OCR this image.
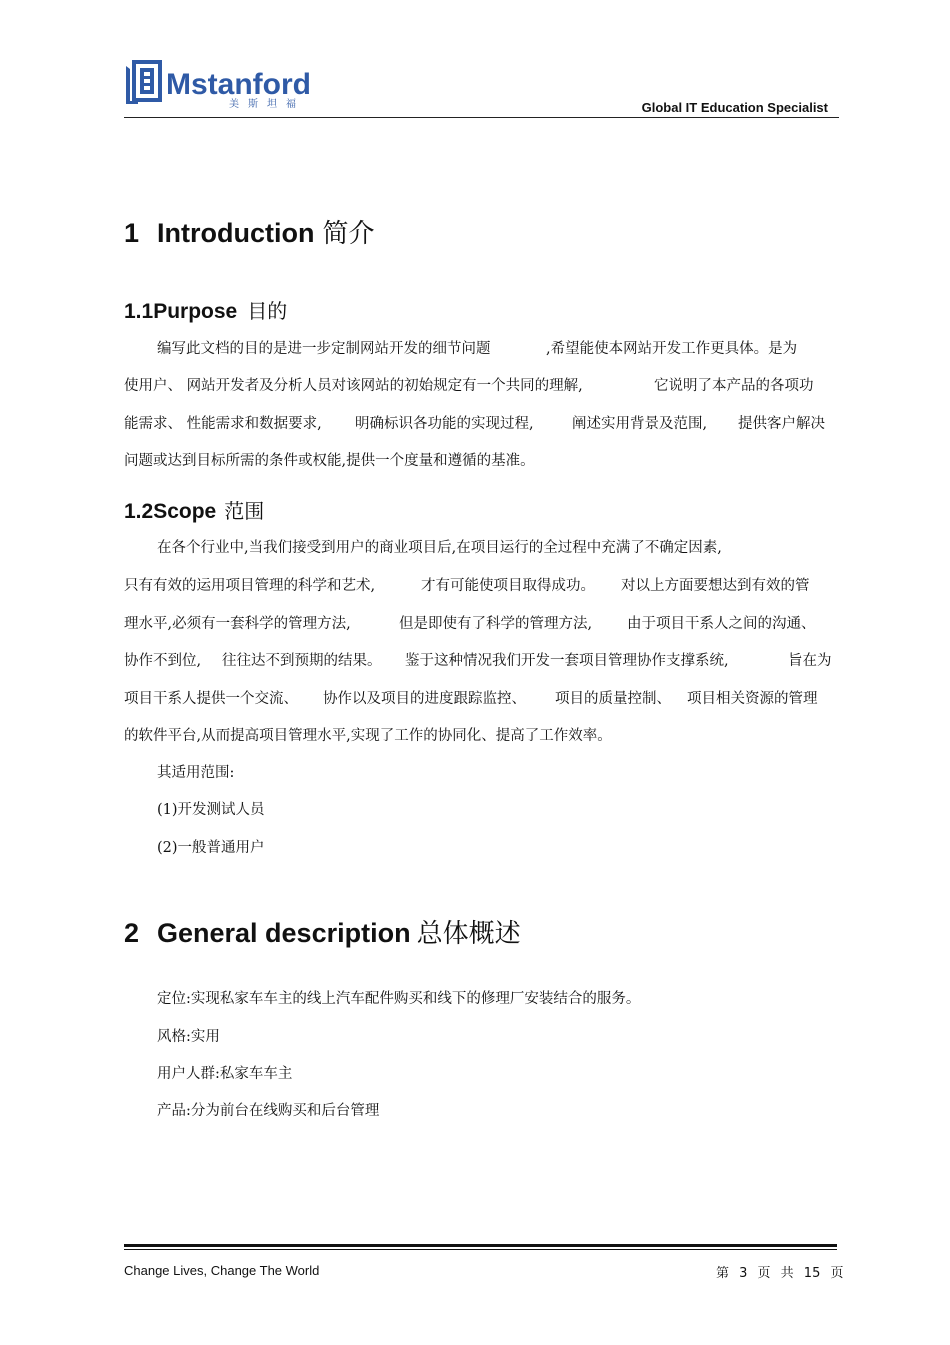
Mstanford
美斯坦福	Global IT Education Specialist
1 Introduction 简介
1.1Purpose 目的
编写此文档的目的是进一步定制网站开发的细节问题	,希望能使本网站开发工作更具体。是为
使用户、 网站开发者及分析人员对该网站的初始规定有一个共同的理解,	它说明了本产品的各项功
能需求、 性能需求和数据要求, 明确标识各功能的实现过程,	阐述实用背景及范围, 提供客户解决
问题或达到目标所需的条件或权能,提供一个度量和遵循的基准。
1.2Scope 范围
在各个行业中,当我们接受到用户的商业项目后,在项目运行的全过程中充满了不确定因素,
只有有效的运用项目管理的科学和艺术,	才有可能使项目取得成功。 对以上方面要想达到有效的管
理水平,必须有一套科学的管理方法,	但是即使有了科学的管理方法, 由于项目干系人之间的沟通、
协作不到位, 往往达不到预期的结果。 鉴于这种情况我们开发一套项目管理协作支撑系统,	旨在为
项目干系人提供一个交流、 协作以及项目的进度跟踪监控、 项目的质量控制、 项目相关资源的管理
的软件平台,从而提高项目管理水平,实现了工作的协同化、提高了工作效率。
其适用范围:
(1)开发测试人员
(2)一般普通用户
2 General description 总体概述
定位:实现私家车车主的线上汽车配件购买和线下的修理厂安装结合的服务。
风格:实用
用户人群:私家车车主
产品:分为前台在线购买和后台管理
Change Lives, Change The World	第 3 页 共 15 页
